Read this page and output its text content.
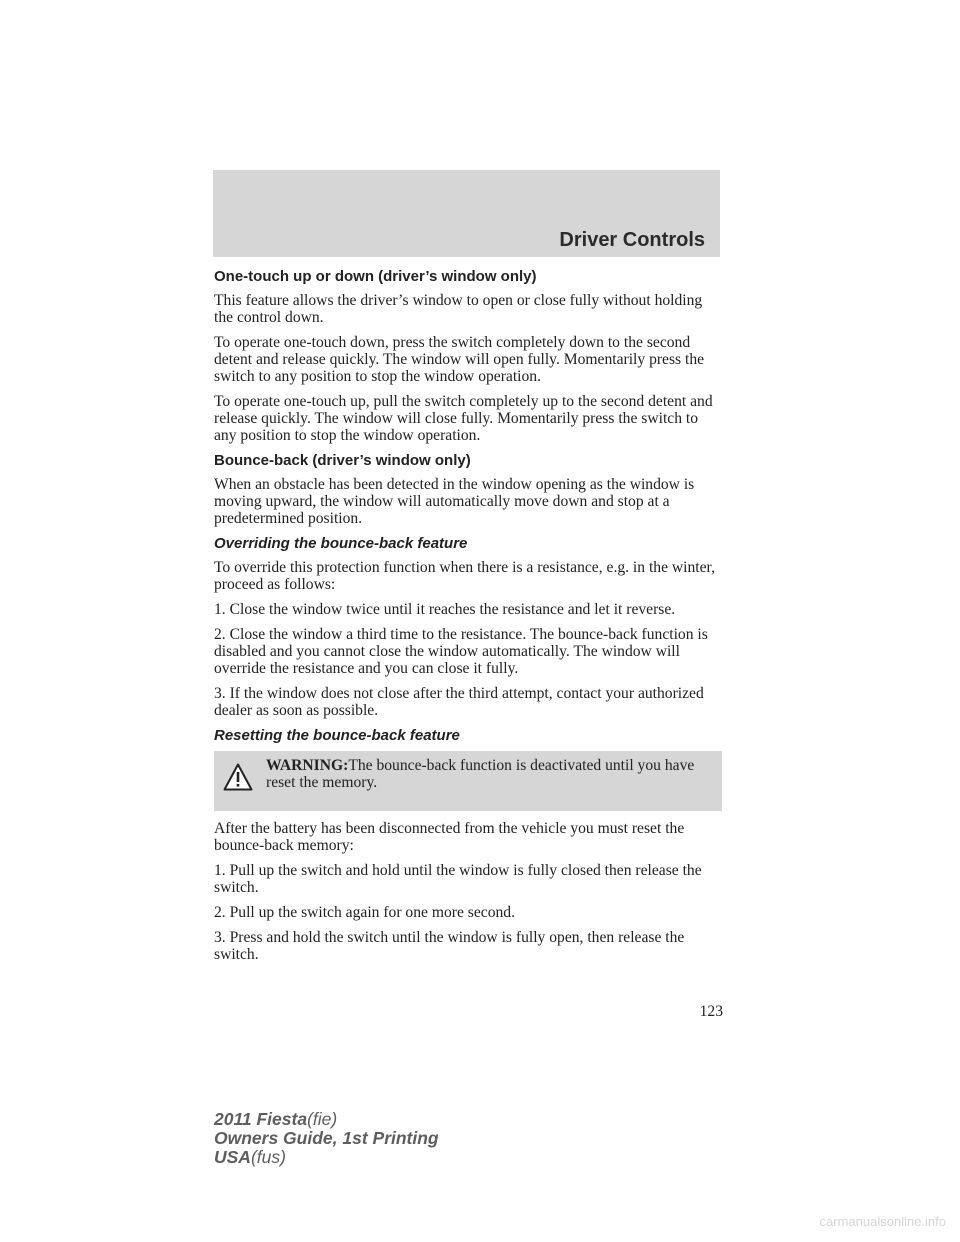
Driver Controls
One-touch up or down (driver’s window only)

This feature allows the driver’s window to open or close fully without holding the control down.

To operate one-touch down, press the switch completely down to the second detent and release quickly. The window will open fully. Momentarily press the switch to any position to stop the window operation.

To operate one-touch up, pull the switch completely up to the second detent and release quickly. The window will close fully. Momentarily press the switch to any position to stop the window operation.

Bounce-back (driver’s window only)

When an obstacle has been detected in the window opening as the window is moving upward, the window will automatically move down and stop at a predetermined position.

Overriding the bounce-back feature

To override this protection function when there is a resistance, e.g. in the winter, proceed as follows:

1. Close the window twice until it reaches the resistance and let it reverse.

2. Close the window a third time to the resistance. The bounce-back function is disabled and you cannot close the window automatically. The window will override the resistance and you can close it fully.

3. If the window does not close after the third attempt, contact your authorized dealer as soon as possible.

Resetting the bounce-back feature
WARNING:The bounce-back function is deactivated until you have reset the memory.

After the battery has been disconnected from the vehicle you must reset the bounce-back memory:

1. Pull up the switch and hold until the window is fully closed then release the switch.

2. Pull up the switch again for one more second.

3. Press and hold the switch until the window is fully open, then release the switch.

123
2011 Fiesta(fie)
Owners Guide, 1st Printing
USA(fus)
carmanualsonline.info
